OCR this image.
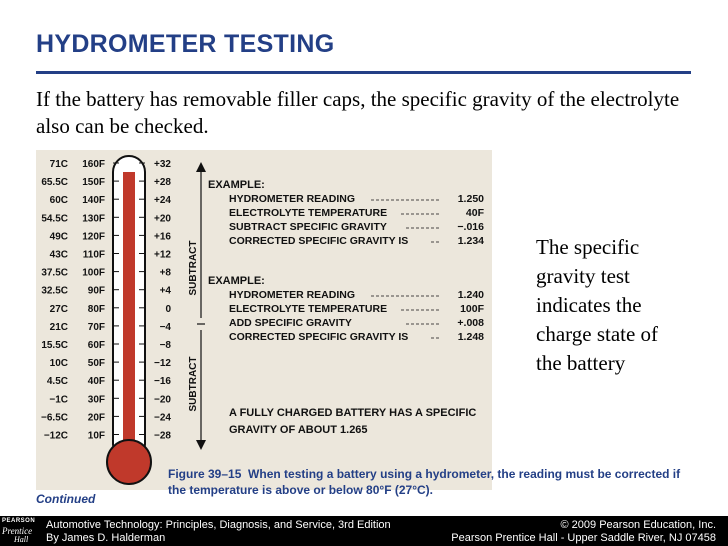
HYDROMETER TESTING
If the battery has removable filler caps, the specific gravity of the electrolyte also can be checked.
71C 160F	+32
65.5C 150F	+28
60C 140F	+24
54.5C 130F	+20
49C 120F	+16
43C 110F	+12
37.5C 100F	+8
32.5C 90F	+4
27C 80F	0
21C 70F	−4
15.5C 60F	−8
10C 50F	−12
4.5C 40F	−16
−1C 30F	−20
−6.5C 20F	−24
−12C 10F	−28
SUBTRACT
SUBTRACT
EXAMPLE:
HYDROMETER READING	1.250
ELECTROLYTE TEMPERATURE	40F
SUBTRACT SPECIFIC GRAVITY	−.016
CORRECTED SPECIFIC GRAVITY IS	1.234
EXAMPLE:
HYDROMETER READING	1.240
ELECTROLYTE TEMPERATURE	100F
ADD SPECIFIC GRAVITY	+.008
CORRECTED SPECIFIC GRAVITY IS	1.248
A FULLY CHARGED BATTERY HAS A SPECIFIC
GRAVITY OF ABOUT 1.265
Figure 39–15 When testing a battery using a hydrometer, the reading must be corrected if the temperature is above or below 80°F (27°C).
Continued
The specific gravity test indicates the charge state of the battery
PEARSON
Prentice
Hall
Automotive Technology: Principles, Diagnosis, and Service, 3rd Edition
By James D. Halderman
© 2009 Pearson Education, Inc.
Pearson Prentice Hall - Upper Saddle River, NJ 07458
